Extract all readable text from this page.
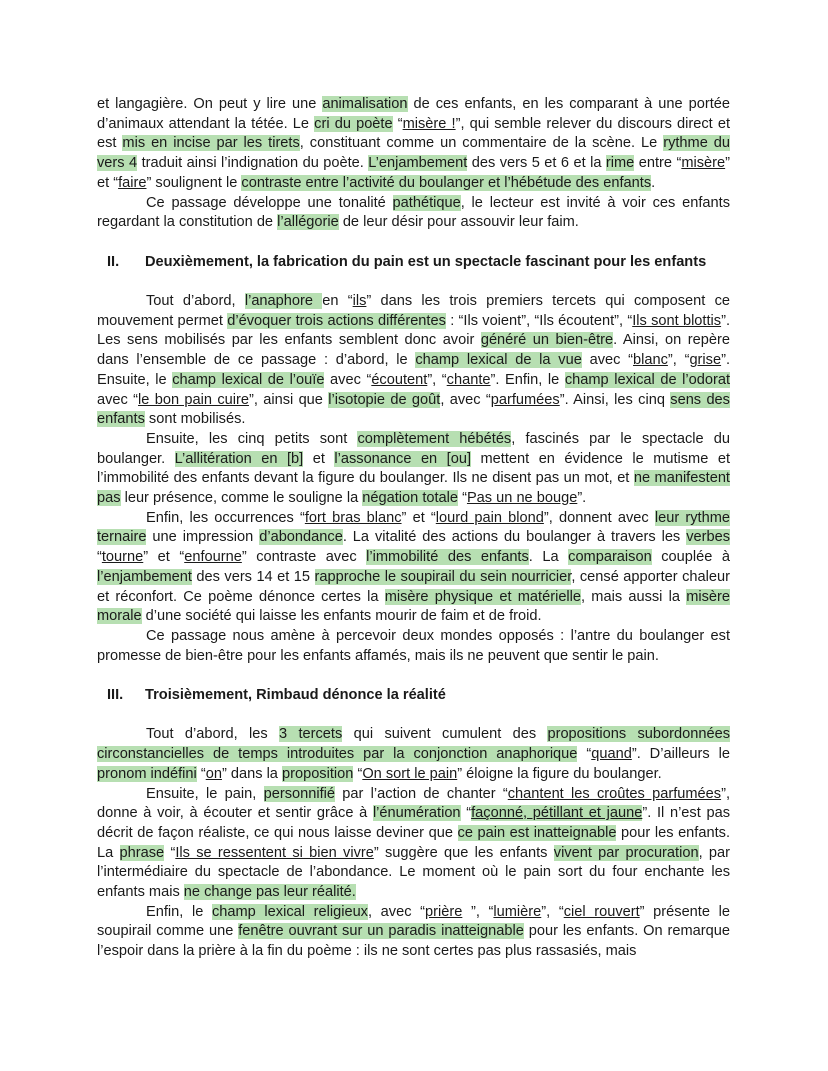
et langagière. On peut y lire une animalisation de ces enfants, en les comparant à une portée d’animaux attendant la tétée. Le cri du poète “misère !”, qui semble relever du discours direct et est mis en incise par les tirets, constituant comme un commentaire de la scène. Le rythme du vers 4 traduit ainsi l’indignation du poète. L’enjambement des vers 5 et 6 et la rime entre “misère” et “faire” soulignent le contraste entre l’activité du boulanger et l’hébétude des enfants.

Ce passage développe une tonalité pathétique, le lecteur est invité à voir ces enfants regardant la constitution de l’allégorie de leur désir pour assouvir leur faim.

II. Deuxièmement, la fabrication du pain est un spectacle fascinant pour les enfants

Tout d’abord, l’anaphore en “ils” dans les trois premiers tercets qui composent ce mouvement permet d’évoquer trois actions différentes : “Ils voient”, “Ils écoutent”, “Ils sont blottis”. Les sens mobilisés par les enfants semblent donc avoir généré un bien-être. Ainsi, on repère dans l’ensemble de ce passage : d’abord, le champ lexical de la vue avec “blanc”, “grise”. Ensuite, le champ lexical de l’ouïe avec “écoutent”, “chante”. Enfin, le champ lexical de l’odorat avec “le bon pain cuire”, ainsi que l’isotopie de goût, avec “parfumées”. Ainsi, les cinq sens des enfants sont mobilisés.

Ensuite, les cinq petits sont complètement hébétés, fascinés par le spectacle du boulanger. L’allitération en [b] et l’assonance en [ou] mettent en évidence le mutisme et l’immobilité des enfants devant la figure du boulanger. Ils ne disent pas un mot, et ne manifestent pas leur présence, comme le souligne la négation totale “Pas un ne bouge”.

Enfin, les occurrences “fort bras blanc” et “lourd pain blond”, donnent avec leur rythme ternaire une impression d’abondance. La vitalité des actions du boulanger à travers les verbes “tourne” et “enfourne” contraste avec l’immobilité des enfants. La comparaison couplée à l’enjambement des vers 14 et 15 rapproche le soupirail du sein nourricier, censé apporter chaleur et réconfort. Ce poème dénonce certes la misère physique et matérielle, mais aussi la misère morale d’une société qui laisse les enfants mourir de faim et de froid.

Ce passage nous amène à percevoir deux mondes opposés : l’antre du boulanger est promesse de bien-être pour les enfants affamés, mais ils ne peuvent que sentir le pain.

III. Troisièmement, Rimbaud dénonce la réalité

Tout d’abord, les 3 tercets qui suivent cumulent des propositions subordonnées circonstancielles de temps introduites par la conjonction anaphorique “quand”. D’ailleurs le pronom indéfini “on” dans la proposition “On sort le pain” éloigne la figure du boulanger.

Ensuite, le pain, personnifié par l’action de chanter “chantent les croûtes parfumées”, donne à voir, à écouter et sentir grâce à l’énumération “façonné, pétillant et jaune”. Il n’est pas décrit de façon réaliste, ce qui nous laisse deviner que ce pain est inatteignable pour les enfants. La phrase “Ils se ressentent si bien vivre” suggère que les enfants vivent par procuration, par l’intermédiaire du spectacle de l’abondance. Le moment où le pain sort du four enchante les enfants mais ne change pas leur réalité.

Enfin, le champ lexical religieux, avec “prière ”, “lumière”, “ciel rouvert” présente le soupirail comme une fenêtre ouvrant sur un paradis inatteignable pour les enfants. On remarque l’espoir dans la prière à la fin du poème : ils ne sont certes pas plus rassasiés, mais
